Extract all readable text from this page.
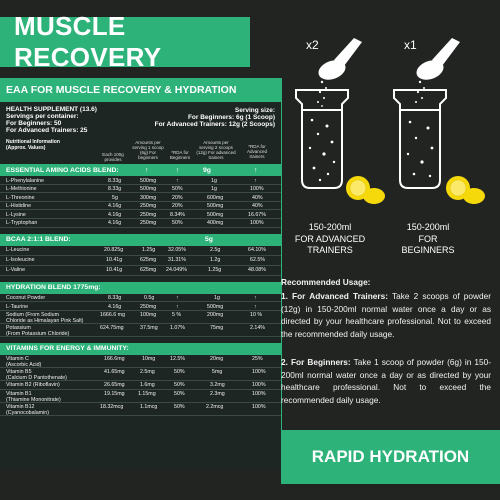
MUSCLE RECOVERY
EAA FOR MUSCLE RECOVERY & HYDRATION
HEALTH SUPPLEMENT (13.6)
Servings per container:
For Beginners: 50
For Advanced Trainers: 25
Serving size:
For Beginners: 6g (1 Scoop)
For Advanced Trainers: 12g (2 Scoops)
Nutritional Information
(Approx. Values)
Each 100g provides
Amounts per serving 1 scoop (6g) For beginners
*RDA for Beginners
Amounts per serving 2 scoops (12g) For advanced trainers
*RDA for Advanced trainers
ESSENTIAL AMINO ACIDS BLEND:	↑	↑	9g	↑
L-Phenylalanine	8.33g	500mg	↑	1g	↑
L-Methionine	8.33g	500mg	50%	1g	100%
L-Threonine	5g	300mg	20%	600mg	40%
L-Histidine	4.16g	250mg	20%	500mg	40%
L-Lysine	4.16g	250mg	8.34%	500mg	16.67%
L-Tryptophan	4.16g	250mg	50%	400mg	100%
BCAA 2:1:1 BLEND:	5g
L-Leucine	20.825g	1.25g 32.05%	2.5g	64.10%
L-Isoleucine	10.41g	625mg 31.31%	1.2g	62.5%
L-Valine	10.41g	625mg 24.049%	1.25g	48.08%
HYDRATION BLEND 1775mg:
Coconut Powder	8.33g	0.5g	↑	1g	↑
L-Taurine	4.16g	250mg	↑	500mg	↑
Sodium (From Sodium
Chloride as Himalayan Pink Salt)
1666.6 mg	100mg	5 %	200mg	10 %
Potassium
(From Potassium Chloride)
624.75mg	37.5mg 1.07%	75mg	2.14%
VITAMINS FOR ENERGY & IMMUNITY:
Vitamin C
(Ascorbic Acid)
166.6mg	10mg	12.5%	20mg	25%
Vitamin B5
(Calcium D Pantothenate)
41.65mg	2.5mg	50%	5mg	100%
Vitamin B2 (Riboflavin)	26.65mg	1.6mg	50%	3.2mg	100%
Vitamin B1
(Thiamine Mononitrate)
19.15mg	1.15mg	50%	2.3mg	100%
Vitamin B12
(Cyanocobalamin)
18.32mcg	1.1mcg	50%	2.2mcg	100%
x2	x1
150-200ml
FOR ADVANCED
TRAINERS
150-200ml
FOR
BEGINNERS
Recommended Usage:
1. For Advanced Trainers: Take 2 scoops of powder (12g) in 150-200ml normal water once a day or as directed by your healthcare professional. Not to exceed the recommended daily usage.
2. For Beginners: Take 1 scoop of powder (6g) in 150-200ml normal water once a day or as directed by your healthcare professional. Not to exceed the recommended daily usage.
RAPID HYDRATION
